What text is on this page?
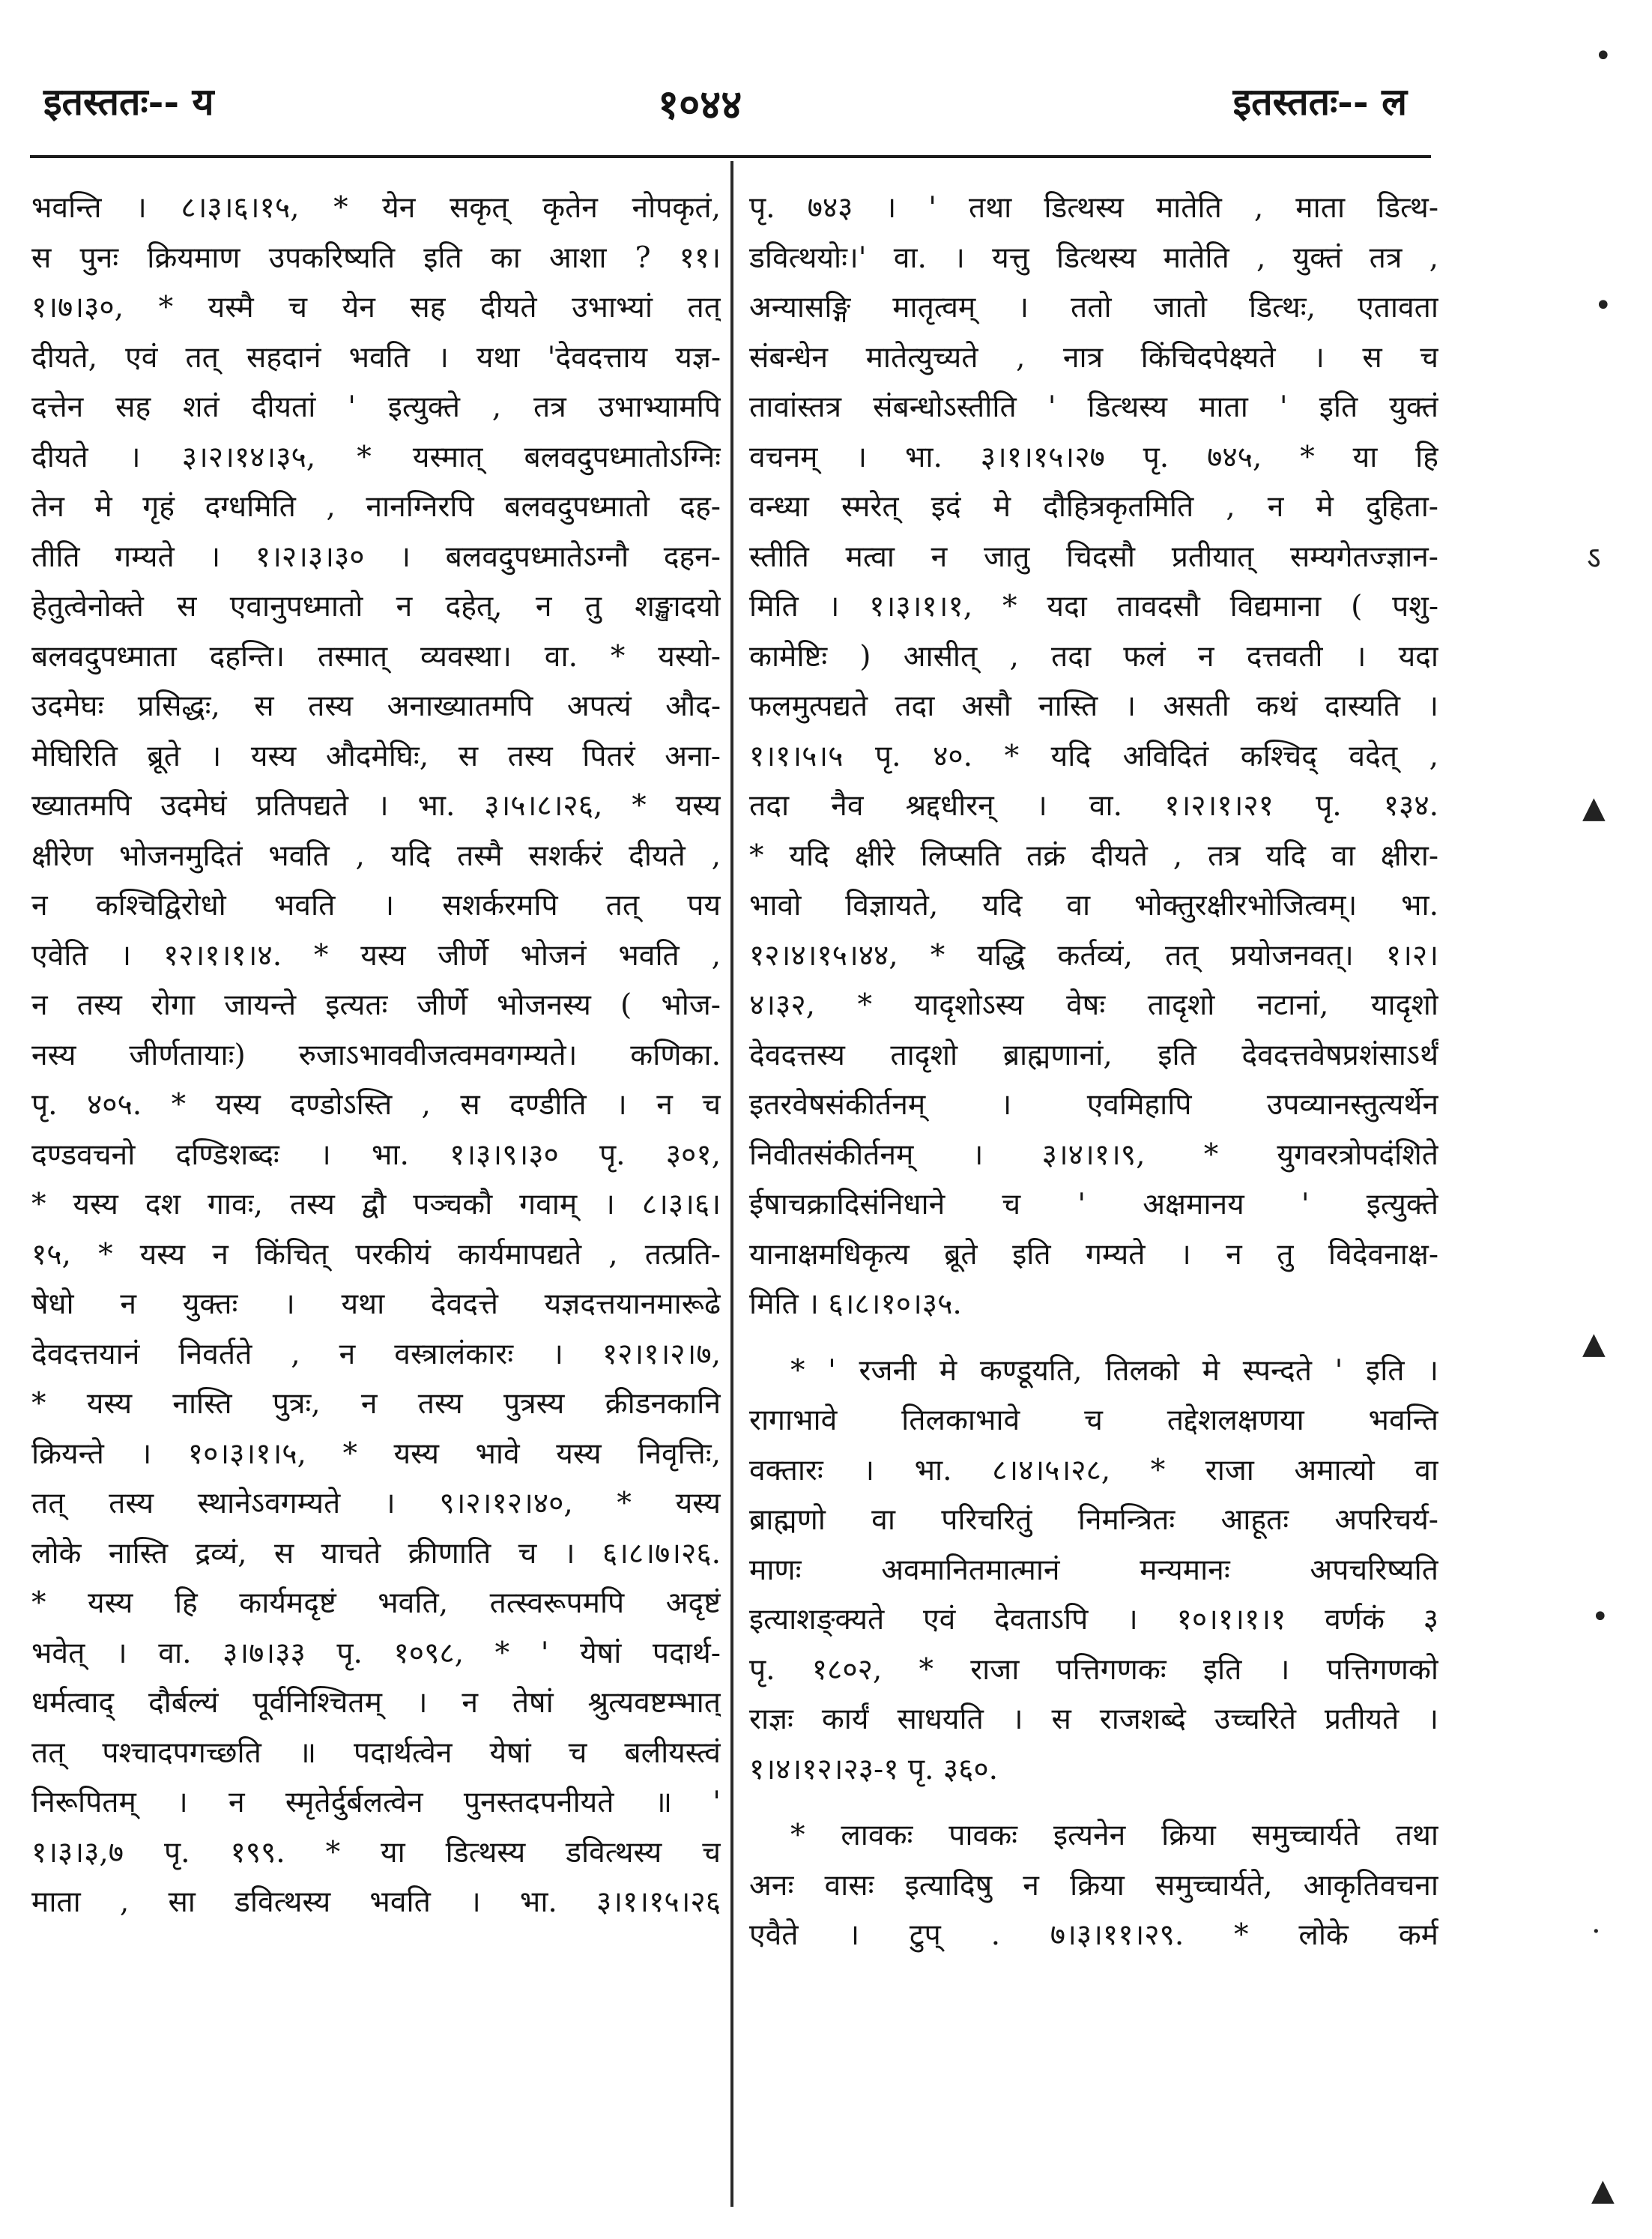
इतस्ततः-- य	१०४४	इतस्ततः-- ल
भवन्ति । ८।३।६।१५, * येन सकृत् कृतेन नोपकृतं,
स पुनः क्रियमाण उपकरिष्यति इति का आशा ? ११।
१।७।३०, * यस्मै च येन सह दीयते उभाभ्यां तत्
दीयते, एवं तत् सहदानं भवति । यथा 'देवदत्ताय यज्ञ-
दत्तेन सह शतं दीयतां ' इत्युक्ते , तत्र उभाभ्यामपि
दीयते । ३।२।१४।३५, * यस्मात् बलवदुपध्मातोऽग्निः
तेन मे गृहं दग्धमिति , नानग्निरपि बलवदुपध्मातो दह-
तीति गम्यते । १।२।३।३० । बलवदुपध्मातेऽग्नौ दहन-
हेतुत्वेनोक्ते स एवानुपध्मातो न दहेत्, न तु शङ्खादयो
बलवदुपध्माता दहन्ति। तस्मात् व्यवस्था। वा. * यस्यो-
उदमेघः प्रसिद्धः, स तस्य अनाख्यातमपि अपत्यं औद-
मेघिरिति ब्रूते । यस्य औदमेघिः, स तस्य पितरं अना-
ख्यातमपि उदमेघं प्रतिपद्यते । भा. ३।५।८।२६, * यस्य
क्षीरेण भोजनमुदितं भवति , यदि तस्मै सशर्करं दीयते ,
न कश्चिद्विरोधो भवति । सशर्करमपि तत् पय
एवेति । १२।१।१।४. * यस्य जीर्णे भोजनं भवति ,
न तस्य रोगा जायन्ते इत्यतः जीर्णे भोजनस्य ( भोज-
नस्य जीर्णतायाः) रुजाऽभाववीजत्वमवगम्यते। कणिका.
पृ. ४०५. * यस्य दण्डोऽस्ति , स दण्डीति । न च
दण्डवचनो दण्डिशब्दः । भा. १।३।९।३० पृ. ३०१,
* यस्य दश गावः, तस्य द्वौ पञ्चकौ गवाम् । ८।३।६।
१५, * यस्य न किंचित् परकीयं कार्यमापद्यते , तत्प्रति-
षेधो न युक्तः । यथा देवदत्ते यज्ञदत्तयानमारूढे
देवदत्तयानं निवर्तते , न वस्त्रालंकारः । १२।१।२।७,
* यस्य नास्ति पुत्रः, न तस्य पुत्रस्य क्रीडनकानि
क्रियन्ते । १०।३।१।५, * यस्य भावे यस्य निवृत्तिः,
तत् तस्य स्थानेऽवगम्यते । ९।२।१२।४०, * यस्य
लोके नास्ति द्रव्यं, स याचते क्रीणाति च । ६।८।७।२६.
* यस्य हि कार्यमदृष्टं भवति, तत्स्वरूपमपि अदृष्टं
भवेत् । वा. ३।७।३३ पृ. १०९८, * ' येषां पदार्थ-
धर्मत्वाद् दौर्बल्यं पूर्वनिश्चितम् । न तेषां श्रुत्यवष्टम्भात्
तत् पश्चादपगच्छति ॥ पदार्थत्वेन येषां च बलीयस्त्वं
निरूपितम् । न स्मृतेर्दुर्बलत्वेन पुनस्तदपनीयते ॥ '
१।३।३,७ पृ. १९९. * या डित्थस्य डवित्थस्य च
माता , सा डवित्थस्य भवति । भा. ३।१।१५।२६
पृ. ७४३ । ' तथा डित्थस्य मातेति , माता डित्थ-
डवित्थयोः।' वा. । यत्तु डित्थस्य मातेति , युक्तं तत्र ,
अन्यासङ्गि मातृत्वम् । ततो जातो डित्थः, एतावता
संबन्धेन मातेत्युच्यते , नात्र किंचिदपेक्ष्यते । स च
तावांस्तत्र संबन्धोऽस्तीति ' डित्थस्य माता ' इति युक्तं
वचनम् । भा. ३।१।१५।२७ पृ. ७४५, * या हि
वन्ध्या स्मरेत् इदं मे दौहित्रकृतमिति , न मे दुहिता-
स्तीति मत्वा न जातु चिदसौ प्रतीयात् सम्यगेतज्ज्ञान-
मिति । १।३।१।१, * यदा तावदसौ विद्यमाना ( पशु-
कामेष्टिः ) आसीत् , तदा फलं न दत्तवती । यदा
फलमुत्पद्यते तदा असौ नास्ति । असती कथं दास्यति ।
१।१।५।५ पृ. ४०. * यदि अविदितं कश्चिद् वदेत् ,
तदा नैव श्रद्दधीरन् । वा. १।२।१।२१ पृ. १३४.
* यदि क्षीरे लिप्सति तक्रं दीयते , तत्र यदि वा क्षीरा-
भावो विज्ञायते, यदि वा भोक्तुरक्षीरभोजित्वम्। भा.
१२।४।१५।४४, * यद्धि कर्तव्यं, तत् प्रयोजनवत्। १।२।
४।३२, * यादृशोऽस्य वेषः तादृशो नटानां, यादृशो
देवदत्तस्य तादृशो ब्राह्मणानां, इति देवदत्तवेषप्रशंसाऽर्थं
इतरवेषसंकीर्तनम् । एवमिहापि उपव्यानस्तुत्यर्थेन
निवीतसंकीर्तनम् । ३।४।१।९, * युगवरत्रोपदंशिते
ईषाचक्रादिसंनिधाने च ' अक्षमानय ' इत्युक्ते
यानाक्षमधिकृत्य ब्रूते इति गम्यते । न तु विदेवनाक्ष-
मिति । ६।८।१०।३५.
* ' रजनी मे कण्डूयति, तिलको मे स्पन्दते ' इति ।
रागाभावे तिलकाभावे च तद्देशलक्षणया भवन्ति
वक्तारः । भा. ८।४।५।२८, * राजा अमात्यो वा
ब्राह्मणो वा परिचरितुं निमन्त्रितः आहूतः अपरिचर्य-
माणः अवमानितमात्मानं मन्यमानः अपचरिष्यति
इत्याशङ्क्यते एवं देवताऽपि । १०।१।१।१ वर्णकं ३
पृ. १८०२, * राजा पत्तिगणकः इति । पत्तिगणको
राज्ञः कार्यं साधयति । स राजशब्दे उच्चरिते प्रतीयते ।
१।४।१२।२३-१ पृ. ३६०.
* लावकः पावकः इत्यनेन क्रिया समुच्चार्यते तथा
अनः वासः इत्यादिषु न क्रिया समुच्चार्यते, आकृतिवचना
एवैते । टुप् . ७।३।११।२९. * लोके कर्म
•
•
ऽ
▲
▲
•
·
▲
